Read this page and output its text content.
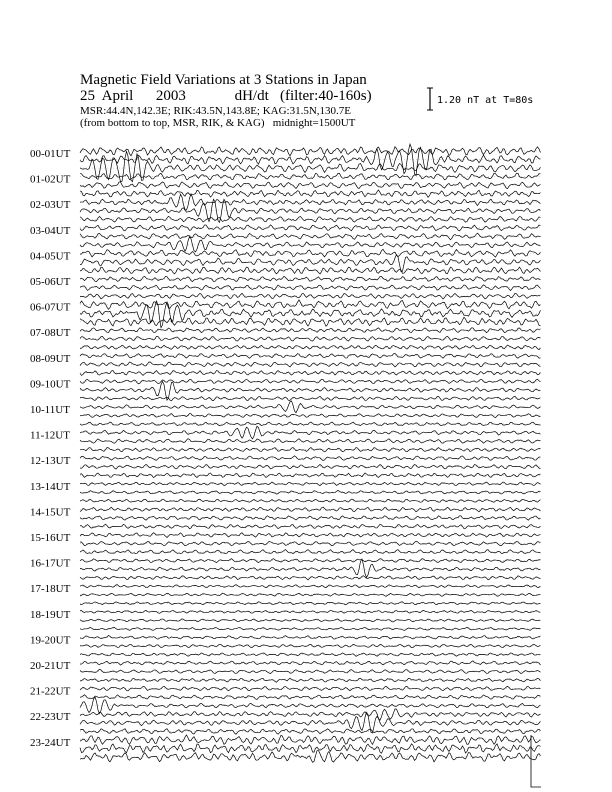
Magnetic Field Variations at 3 Stations in Japan
25  April      2003             dH/dt   (filter:40-160s)
MSR:44.4N,142.3E; RIK:43.5N,143.8E; KAG:31.5N,130.7E
(from bottom to top, MSR, RIK, & KAG)   midnight=1500UT
1.20 nT at T=80s
00-01UT
01-02UT
02-03UT
03-04UT
04-05UT
05-06UT
06-07UT
07-08UT
08-09UT
09-10UT
10-11UT
11-12UT
12-13UT
13-14UT
14-15UT
15-16UT
16-17UT
17-18UT
18-19UT
19-20UT
20-21UT
21-22UT
22-23UT
23-24UT
